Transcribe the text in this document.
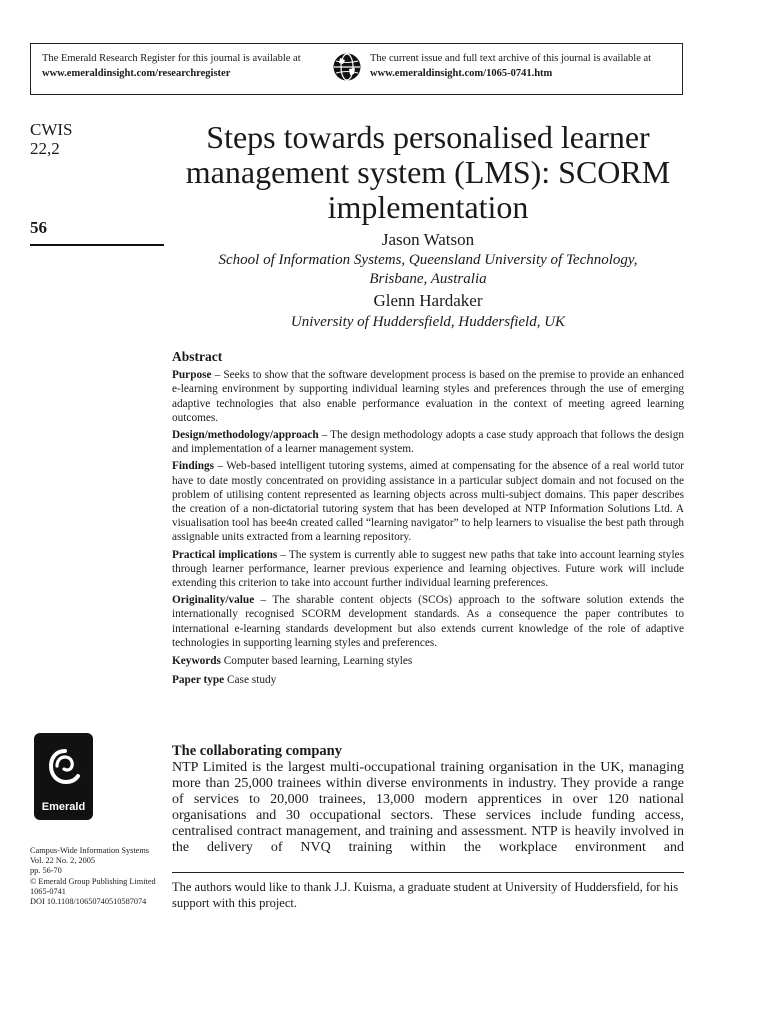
The Emerald Research Register for this journal is available at
www.emeraldinsight.com/researchregister
The current issue and full text archive of this journal is available at
www.emeraldinsight.com/1065-0741.htm
CWIS
22,2
56
Steps towards personalised learner management system (LMS): SCORM implementation
Jason Watson
School of Information Systems, Queensland University of Technology,
Brisbane, Australia
Glenn Hardaker
University of Huddersfield, Huddersfield, UK
Abstract

Purpose – Seeks to show that the software development process is based on the premise to provide an enhanced e-learning environment by supporting individual learning styles and preferences through the use of emerging adaptive technologies that also enable performance evaluation in the context of meeting agreed learning outcomes.

Design/methodology/approach – The design methodology adopts a case study approach that follows the design and implementation of a learner management system.

Findings – Web-based intelligent tutoring systems, aimed at compensating for the absence of a real world tutor have to date mostly concentrated on providing assistance in a particular subject domain and not focused on the problem of utilising content represented as learning objects across multi-subject domains. This paper describes the creation of a non-dictatorial tutoring system that has been developed at NTP Information Solutions Ltd. A visualisation tool has bee4n created called “learning navigator” to help learners to visualise the best path through assignable units extracted from a learning repository.

Practical implications – The system is currently able to suggest new paths that take into account learning styles through learner performance, learner previous experience and learning objectives. Future work will include extending this criterion to take into account further individual learning preferences.

Originality/value – The sharable content objects (SCOs) approach to the software solution extends the internationally recognised SCORM development standards. As a consequence the paper contributes to international e-learning standards development but also extends current knowledge of the role of adaptive technologies in supporting learning styles and preferences.

Keywords Computer based learning, Learning styles

Paper type Case study

The collaborating company
NTP Limited is the largest multi-occupational training organisation in the UK, managing more than 25,000 trainees within diverse environments in industry. They provide a range of services to 20,000 trainees, 13,000 modern apprentices in over 120 national organisations and 30 occupational sectors. These services include funding access, centralised contract management, and training and assessment. NTP is heavily involved in the delivery of NVQ training within the workplace environment and
The authors would like to thank J.J. Kuisma, a graduate student at University of Huddersfield, for his support with this project.
Emerald
Campus-Wide Information Systems
Vol. 22 No. 2, 2005
pp. 56-70
© Emerald Group Publishing Limited
1065-0741
DOI 10.1108/10650740510587074
